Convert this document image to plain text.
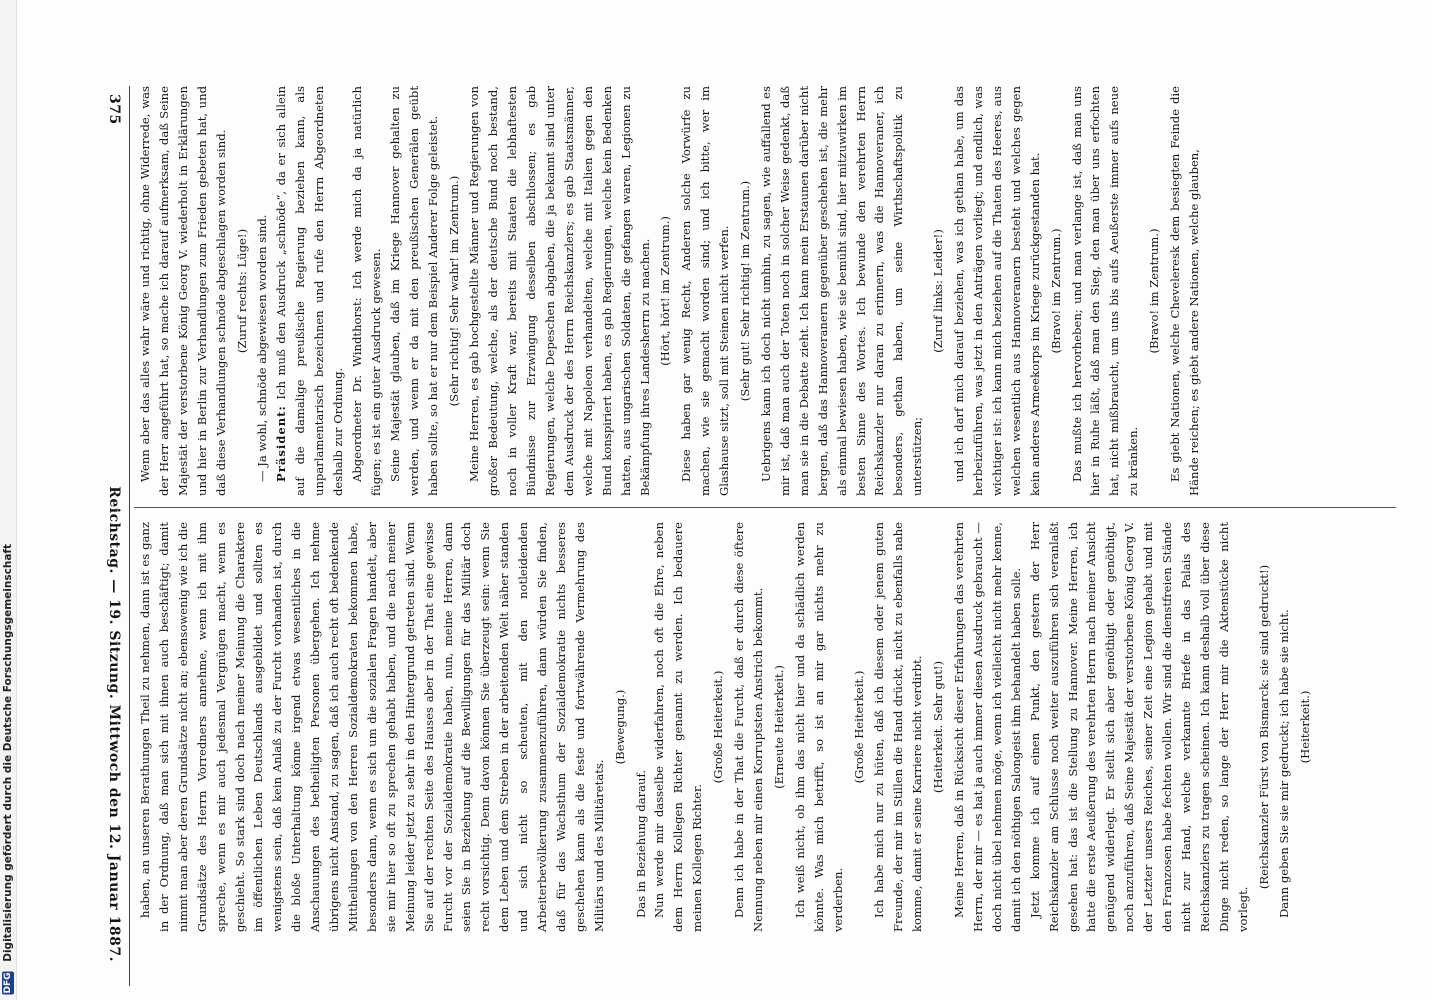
DFG Digitalisierung gefördert durch die Deutsche Forschungsgemeinschaft
375
Reichstag. — 19. Sitzung. Mittwoch den 12. Januar 1887.

Wenn aber das alles wahr wäre und richtig, ohne Widerrede, was der Herr angeführt hat, so mache ich darauf aufmerksam, daß Seine Majestät der verstorbene König Georg V. wiederholt in Erklärungen und hier in Berlin zur Verhandlungen zum Frieden gebeten hat, und daß diese Verhandlungen schnöde abgeschlagen worden sind. (Zuruf rechts: Lüge!) — Ja wohl, schnöde abgewiesen worden sind. Präsident: Ich muß den Ausdruck „schnöde“, da er sich allein auf die damalige preußische Regierung beziehen kann, als unparlamentarisch bezeichnen und rufe den Herrn Abgeordneten deshalb zur Ordnung. Abgeordneter Dr. Windthorst: Ich werde mich da ja natürlich fügen; es ist ein guter Ausdruck gewesen. Seine Majestät glauben, daß im Kriege Hannover gehalten zu werden, und wenn er da mit den preußischen Generälen geübt haben sollte, so hat er nur dem Beispiel Anderer Folge geleistet. (Sehr richtig! Sehr wahr! im Zentrum.) Meine Herren, es gab hochgestellte Männer und Regierungen von großer Bedeutung, welche, als der deutsche Bund noch bestand, noch in voller Kraft war, bereits mit Staaten die lebhaftesten Bündnisse zur Erzwingung desselben abschlossen; es gab Regierungen, welche Depeschen abgaben, die ja bekannt sind unter dem Ausdruck der des Herrn Reichskanzlers; es gab Staatsmänner, welche mit Napoleon verhandelten, welche mit Italien gegen den Bund konspiriert haben, es gab Regierungen, welche kein Bedenken hatten, aus ungarischen Soldaten, die gefangen waren, Legionen zu Bekämpfung ihres Landesherrn zu machen. (Hört, hört! im Zentrum.) Diese haben gar wenig Recht, Anderen solche Vorwürfe zu machen, wie sie gemacht worden sind; und ich bitte, wer im Glashause sitzt, soll mit Steinen nicht werfen. (Sehr gut! Sehr richtig! im Zentrum.) Uebrigens kann ich doch nicht umhin, zu sagen, wie auffallend es mir ist, daß man auch der Toten noch in solcher Weise gedenkt, daß man sie in die Debatte zieht. Ich kann mein Erstaunen darüber nicht bergen, daß das Hannoveranern gegenüber geschehen ist, die mehr als einmal bewiesen haben, wie sie bemüht sind, hier mitzuwirken im besten Sinne des Wortes. Ich bewunde den verehrten Herrn Reichskanzler nur daran zu erinnern, was die Hannoveraner, ich besonders, gethan haben, um seine Wirthschaftspolitik zu unterstützen;

(Zuruf links: Leider!) und ich darf mich darauf beziehen, was ich gethan habe, um das herbeizuführen, was jetzt in den Anträgen vorliegt; und endlich, was wichtiger ist: ich kann mich beziehen auf die Thaten des Heeres, aus welchen wesentlich aus Hannoveranern besteht und welches gegen kein anderes Armeekorps im Kriege zurückgestanden hat. (Bravo! im Zentrum.) Das mußte ich hervorheben; und man verlange ist, daß man uns hier in Ruhe läßt, daß man den Sieg, den man über uns erfochten hat, nicht mißbraucht, um uns bis aufs Aeußerste immer aufs neue zu kränken.

(Bravo! im Zentrum.) Es giebt Nationen, welche Cheveleresk dem besiegten Feinde die Hände reichen; es giebt andere Nationen, welche glauben,

haben, an unseren Berathungen Theil zu nehmen, dann ist es ganz in der Ordnung, daß man sich mit ihnen auch beschäftigt; damit nimmt man aber deren Grundsätze nicht an; ebensowenig wie ich die Grundsätze des Herrn Vorredners annehme, wenn ich mit ihm spreche, wenn es mir auch jedesmal Vergnügen macht, wenn es geschieht. So stark sind doch nach meiner Meinung die Charaktere im öffentlichen Leben Deutschlands ausgebildet und sollten es wenigstens sein, daß kein Anlaß zu der Furcht vorhanden ist, durch die bloße Unterhaltung könne irgend etwas wesentliches in die Anschauungen des betheiligten Personen übergehen. Ich nehme übrigens nicht Anstand, zu sagen, daß ich auch recht oft bedenkende Mittheilungen von den Herren Sozialdemokraten bekommen habe, besonders dann, wenn es sich um die sozialen Fragen handelt, aber sie mir hier so oft zu sprechen gehabt haben, und die nach meiner Meinung leider jetzt zu sehr in den Hintergrund getreten sind. Wenn Sie auf der rechten Seite des Hauses aber in der That eine gewisse Furcht vor der Sozialdemokratie haben, nun, meine Herren, dann seien Sie in Beziehung auf die Bewilligungen für das Militär doch recht vorsichtig. Denn davon können Sie überzeugt sein: wenn Sie dem Leben und dem Streben in der arbeitenden Welt näher standen und sich nicht so scheuten, mit den notleidenden Arbeiterbevölkerung zusammenzuführen, dann würden Sie finden, daß für das Wachsthum der Sozialdemokratie nichts besseres geschehen kann als die feste und fortwährende Vermehrung des Militärs und des Militäretats.

(Bewegung.)

Das in Beziehung darauf. Nun werde mir dasselbe widerfahren, noch oft die Ehre, neben dem Herrn Kollegen Richter genannt zu werden. Ich bedauere meinen Kollegen Richter.

(Große Heiterkeit.) Denn ich habe in der That die Furcht, daß er durch diese öftere Nennung neben mir einen Korruptsten Anstrich bekommt. (Erneute Heiterkeit.) Ich weiß nicht, ob ihm das nicht hier und da schädlich werden könnte. Was mich betrifft, so ist an mir gar nichts mehr zu verderben.

(Große Heiterkeit.) Ich habe mich nur zu hüten, daß ich diesem oder jenem guten Freunde, der mir im Stillen die Hand drückt, nicht zu ebenfalls nahe komme, damit er seine Karriere nicht verdirbt. (Heiterkeit. Sehr gut!) Meine Herren, daß in Rücksicht dieser Erfahrungen das verehrten Herrn, der mir — es hat ja auch immer diesen Ausdruck gebraucht — doch nicht übel nehmen möge, wenn ich vielleicht nicht mehr kenne, damit ich den nöthigen Salongeist ihm behandelt haben solle. Jetzt komme ich auf einen Punkt, den gestern der Herr Reichskanzler am Schlusse noch weiter auszuführen sich veranlaßt gesehen hat: das ist die Stellung zu Hannover. Meine Herren, ich hatte die erste Aeußerung des verehrten Herrn nach meiner Ansicht genügend widerlegt. Er stellt sich aber genöthigt oder genöthigt, noch anzuführen, daß Seine Majestät der verstorbene König Georg V. der Letzter unsers Reiches, seiner Zeit eine Legion gehabt und mit den Franzosen habe fechten wollen. Wir sind die dienstfreien Stände nicht zur Hand, welche verkannte Briefe in das Palais des Reichskanzlers zu tragen scheinen. Ich kann deshalb voll über diese Dinge nicht reden, so lange der Herr mir die Aktenstücke nicht vorlegt.

(Reichskanzler Fürst von Bismarck: sie sind gedruckt!) Dann geben Sie sie mir gedruckt; ich habe sie nicht. (Heiterkeit.)
